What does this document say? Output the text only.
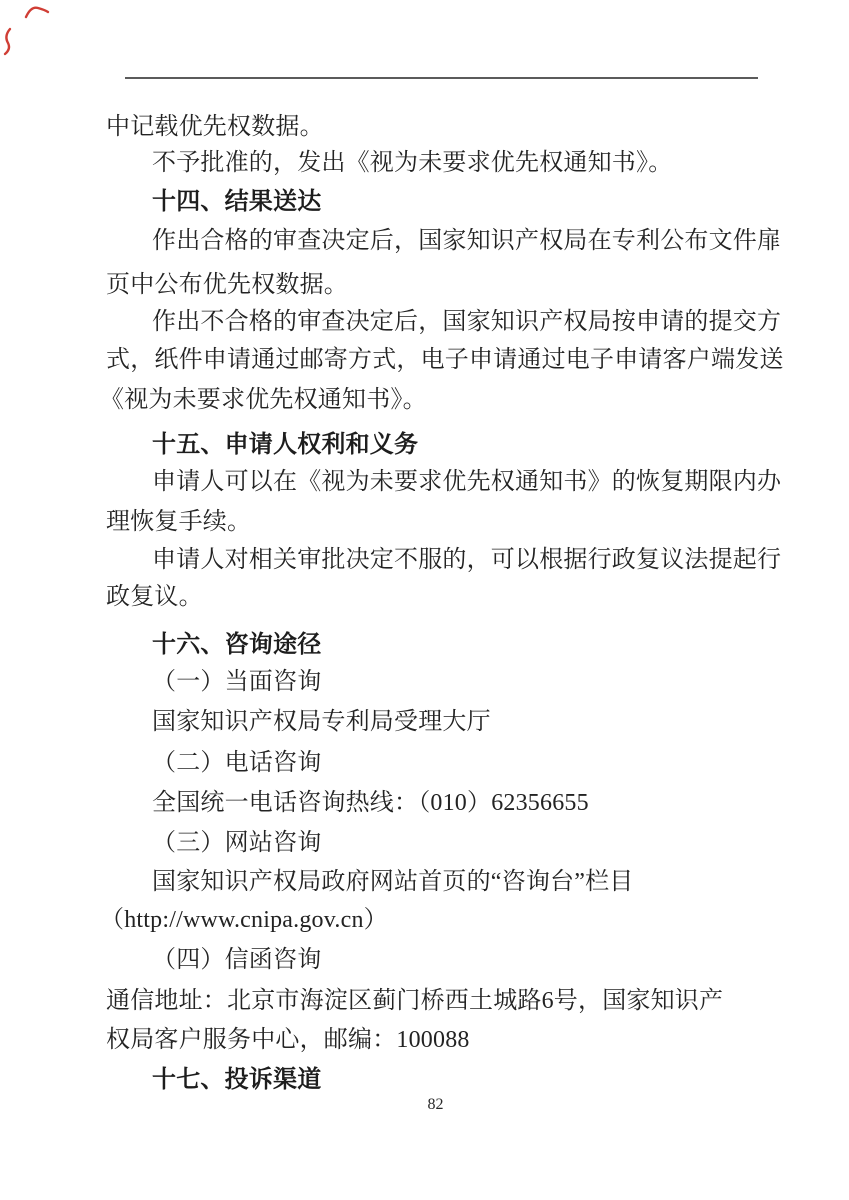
中记载优先权数据。
不予批准的，发出《视为未要求优先权通知书》。
十四、结果送达
作出合格的审查决定后，国家知识产权局在专利公布文件扉
页中公布优先权数据。
作出不合格的审查决定后，国家知识产权局按申请的提交方
式，纸件申请通过邮寄方式，电子申请通过电子申请客户端发送
《视为未要求优先权通知书》。
十五、申请人权利和义务
申请人可以在《视为未要求优先权通知书》的恢复期限内办
理恢复手续。
申请人对相关审批决定不服的，可以根据行政复议法提起行
政复议。
十六、咨询途径
（一）当面咨询
国家知识产权局专利局受理大厅
（二）电话咨询
全国统一电话咨询热线：（010）62356655
（三）网站咨询
国家知识产权局政府网站首页的“咨询台”栏目
（http://www.cnipa.gov.cn）
（四）信函咨询
通信地址：北京市海淀区蓟门桥西土城路6号，国家知识产
权局客户服务中心，邮编：100088
十七、投诉渠道
82
